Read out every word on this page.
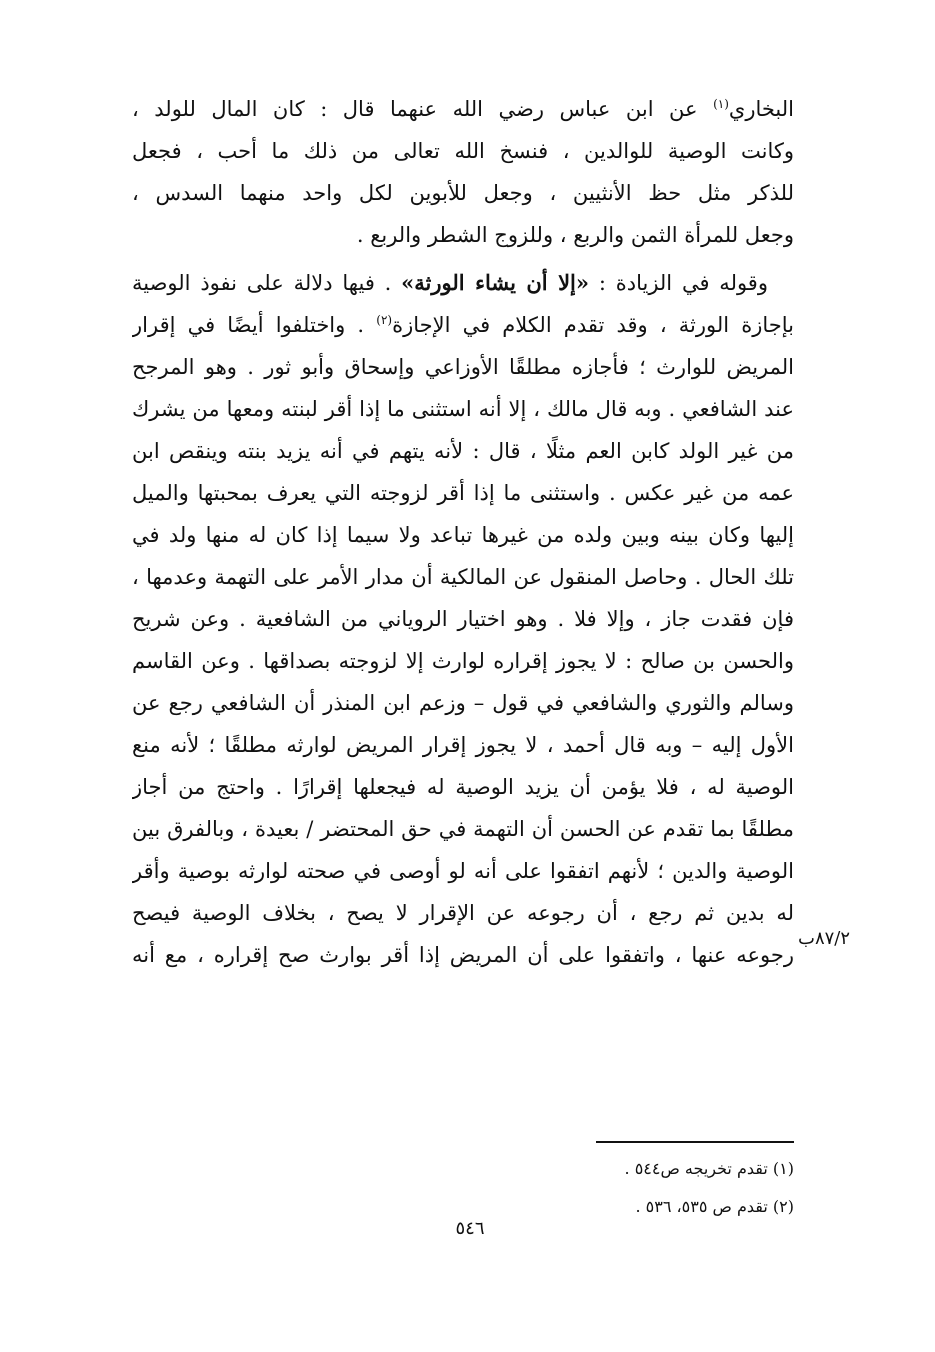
البخاري$^{(١)}$ عن ابن عباس رضي الله عنهما قال : كان المال للولد ،
وكانت الوصية للوالدين ، فنسخ الله تعالى من ذلك ما أحب ، فجعل
للذكر مثل حظ الأنثيين ، وجعل للأبوين لكل واحد منهما السدس ،
وجعل للمرأة الثمن والربع ، وللزوج الشطر والربع .
وقوله في الزيادة : «إلا أن يشاء الورثة» . فيها دلالة على نفوذ الوصية
بإجازة الورثة ، وقد تقدم الكلام في الإجازة$^{(٢)}$ . واختلفوا أيضًا في إقرار
المريض للوارث ؛ فأجازه مطلقًا الأوزاعي وإسحاق وأبو ثور . وهو المرجح
عند الشافعي . وبه قال مالك ، إلا أنه استثنى ما إذا أقر لبنته ومعها من يشرك
من غير الولد كابن العم مثلًا ، قال : لأنه يتهم في أنه يزيد بنته وينقص ابن
عمه من غير عكس . واستثنى ما إذا أقر لزوجته التي يعرف بمحبتها والميل
إليها وكان بينه وبين ولده من غيرها تباعد ولا سيما إذا كان له منها ولد في
تلك الحال . وحاصل المنقول عن المالكية أن مدار الأمر على التهمة وعدمها ،
فإن فقدت جاز ، وإلا فلا . وهو اختيار الروياني من الشافعية . وعن شريح
والحسن بن صالح : لا يجوز إقراره لوارث إلا لزوجته بصداقها . وعن القاسم
وسالم والثوري والشافعي في قول – وزعم ابن المنذر أن الشافعي رجع عن
الأول إليه – وبه قال أحمد ، لا يجوز إقرار المريض لوارثه مطلقًا ؛ لأنه منع
الوصية له ، فلا يؤمن أن يزيد الوصية له فيجعلها إقرارًا . واحتج من أجاز
مطلقًا بما تقدم عن الحسن أن التهمة في حق المحتضر / بعيدة ، وبالفرق بين
الوصية والدين ؛ لأنهم اتفقوا على أنه لو أوصى في صحته لوارثه بوصية وأقر
له بدين ثم رجع ، أن رجوعه عن الإقرار لا يصح ، بخلاف الوصية فيصح
رجوعه عنها ، واتفقوا على أن المريض إذا أقر بوارث صح إقراره ، مع أنه
٨٧/٢ب
(١) تقدم تخريجه ص٥٤٤ .
(٢) تقدم ص ٥٣٥، ٥٣٦ .
٥٤٦
